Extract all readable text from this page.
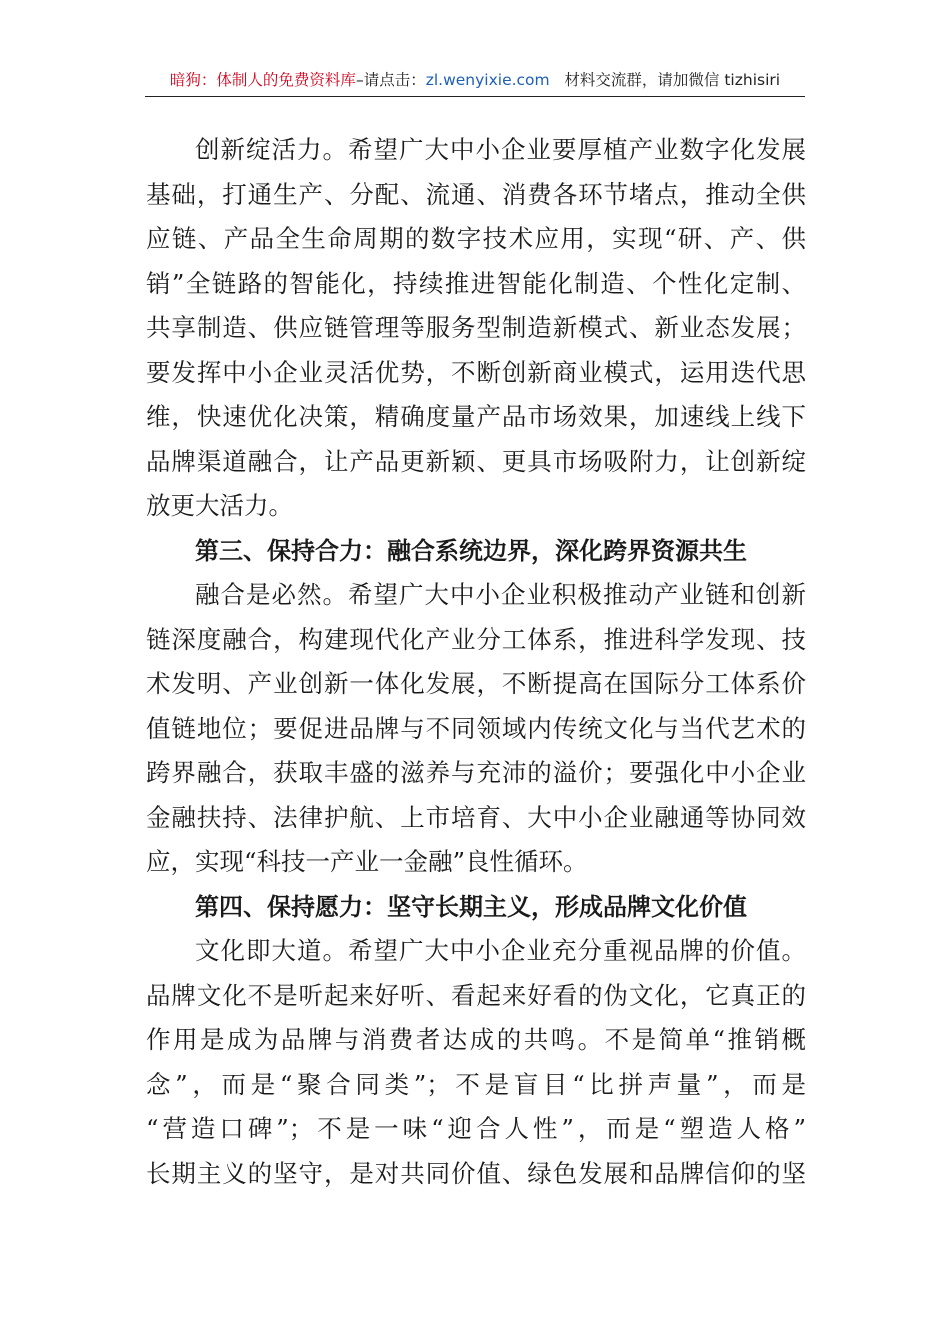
暗狗：体制人的免费资料库–请点击：zl.wenyixie.com 材料交流群，请加微信 tizhisiri
创新绽活力。希望广大中小企业要厚植产业数字化发展
基础，打通生产、分配、流通、消费各环节堵点，推动全供
应链、产品全生命周期的数字技术应用，实现“研、产、供
销”全链路的智能化，持续推进智能化制造、个性化定制、
共享制造、供应链管理等服务型制造新模式、新业态发展；
要发挥中小企业灵活优势，不断创新商业模式，运用迭代思
维，快速优化决策，精确度量产品市场效果，加速线上线下
品牌渠道融合，让产品更新颖、更具市场吸附力，让创新绽
放更大活力。
第三、保持合力：融合系统边界，深化跨界资源共生
融合是必然。希望广大中小企业积极推动产业链和创新
链深度融合，构建现代化产业分工体系，推进科学发现、技
术发明、产业创新一体化发展，不断提高在国际分工体系价
值链地位；要促进品牌与不同领域内传统文化与当代艺术的
跨界融合，获取丰盛的滋养与充沛的溢价；要强化中小企业
金融扶持、法律护航、上市培育、大中小企业融通等协同效
应，实现“科技一产业一金融”良性循环。
第四、保持愿力：坚守长期主义，形成品牌文化价值
文化即大道。希望广大中小企业充分重视品牌的价值。
品牌文化不是听起来好听、看起来好看的伪文化，它真正的
作用是成为品牌与消费者达成的共鸣。不是简单“推销概
念”，而是“聚合同类”；不是盲目“比拼声量”，而是
“营造口碑”；不是一味“迎合人性”，而是“塑造人格”
长期主义的坚守，是对共同价值、绿色发展和品牌信仰的坚
